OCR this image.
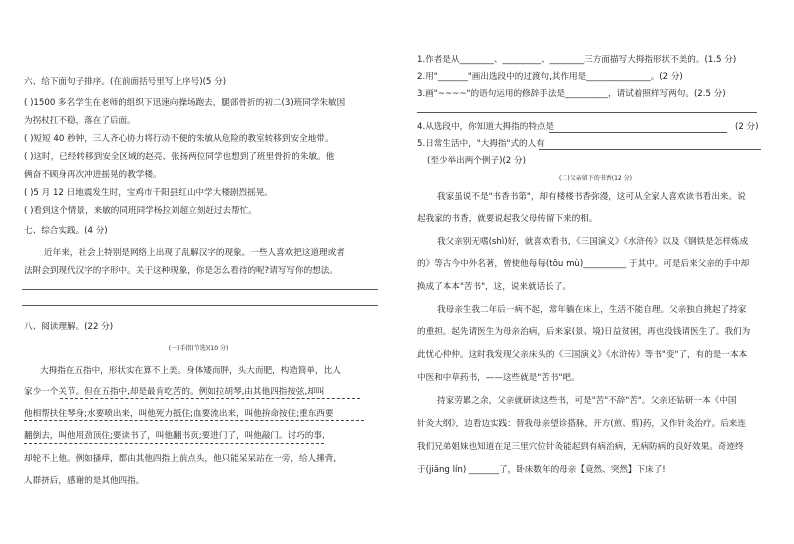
六、给下面句子排序。(在前面括号里写上序号)(5 分)
( )1500 多名学生在老师的组织下迅速向操场跑去，腿部骨折的初二(3)班同学朱敏因
为拐杖扛不稳，落在了后面。
( )短短 40 秒钟，三人齐心协力将行动不便的朱敏从危险的教室转移到安全地带。
( )这时，已经转移到安全区域的赵亮、张扬两位同学也想到了班里骨折的朱敏。他
俩奋不顾身再次冲进摇晃的教学楼。
( )5 月 12 日地震发生时，宝鸡市千阳县红山中学大楼剧烈摇晃。
( )看到这个情景，来敏的同班同学杨拉刘超立刻赶过去帮忙。
七、综合实践。(4 分)
近年来，社会上特别是网络上出现了乱解汉字的现象。一些人喜欢把这道理或者
法附会到现代汉字的字形中。关于这种现象，你是怎么看待的呢?请写写你的想法。
八、阅读理解。(22 分)
(一)手指(节选)(10 分)
大拇指在五指中，形状实在算不上美。身体矮而胖，头大而肥，构造简单，比人
家少一个关节。但在五指中,却是最肯吃苦的。例如拉胡琴,由其他四指按弦,却叫
他相帮扶住琴身;水要喷出来，叫他死力抵住;血要流出来，叫他拚命按住;重东西要
翻倒去，叫他用劲顶住;要读书了，叫他翻书页;要进门了，叫他敲门。讨巧的事,
却轮不上他。例如搔痒，都由其他四指上前点头，他只能呆呆站在一旁，给人捶背,
人群挤后，感谢的是其他四指。
1.作者是从________、_________、________三方面描写大拇指形状不美的。(1.5 分)
2.用"_______"画出选段中的过渡句,其作用是_______________。(2 分)
3.画"~~~~"的语句运用的修辞手法是__________，请试着照样写两句。(2.5 分)
4.从选段中，你知道大拇指的特点是	(2 分)
5.日常生活中，"大拇指"式的人有
(至少举出两个例子)(2 分)
(二)父亲留下的书香(12 分)
我家虽说不是"书香书第"，却有楼楼书香弥漫，这可从全家人喜欢读书看出来。说
起我家的书香，就要说起我父母传留下来的相。
我父亲别无嗜(shì)好，就喜欢看书，《三国演义》《水浒传》以及《钢铁是怎样炼成
的》等古今中外名著，曾使他每每(tōu mù)__________ 于其中。可是后来父亲的手中却
换成了本本"苦书"，这，说来就话长了。
我母亲生我二年后一病不起，常年躺在床上，生活不能自理。父亲独自挑起了持家
的重担。起先请医生为母亲治病，后来家(景、境)日益贫困，再也没钱请医生了。我们为
此忧心仲仲。这时我发现父亲床头的《三国演义》《水浒传》等书"变"了，有的是一本本
中医和中草药书，——这些就是"苦书"吧。
持家劳累之余，父亲就研读这些书，可是"苦"不辞"苦"。父亲还钻研一本《中国
针灸大纲》，边看边实践：替我母亲望诊搭脉，开方(煎、剪)药，又作针灸治疗。后来连
我们兄弟姐妹也知道在足三里穴位针灸能起到有病治病，无病防病的良好效果。奇迹终
于(jiāng lín) _______了，卧床数年的母亲【竟然、突然】下床了!
